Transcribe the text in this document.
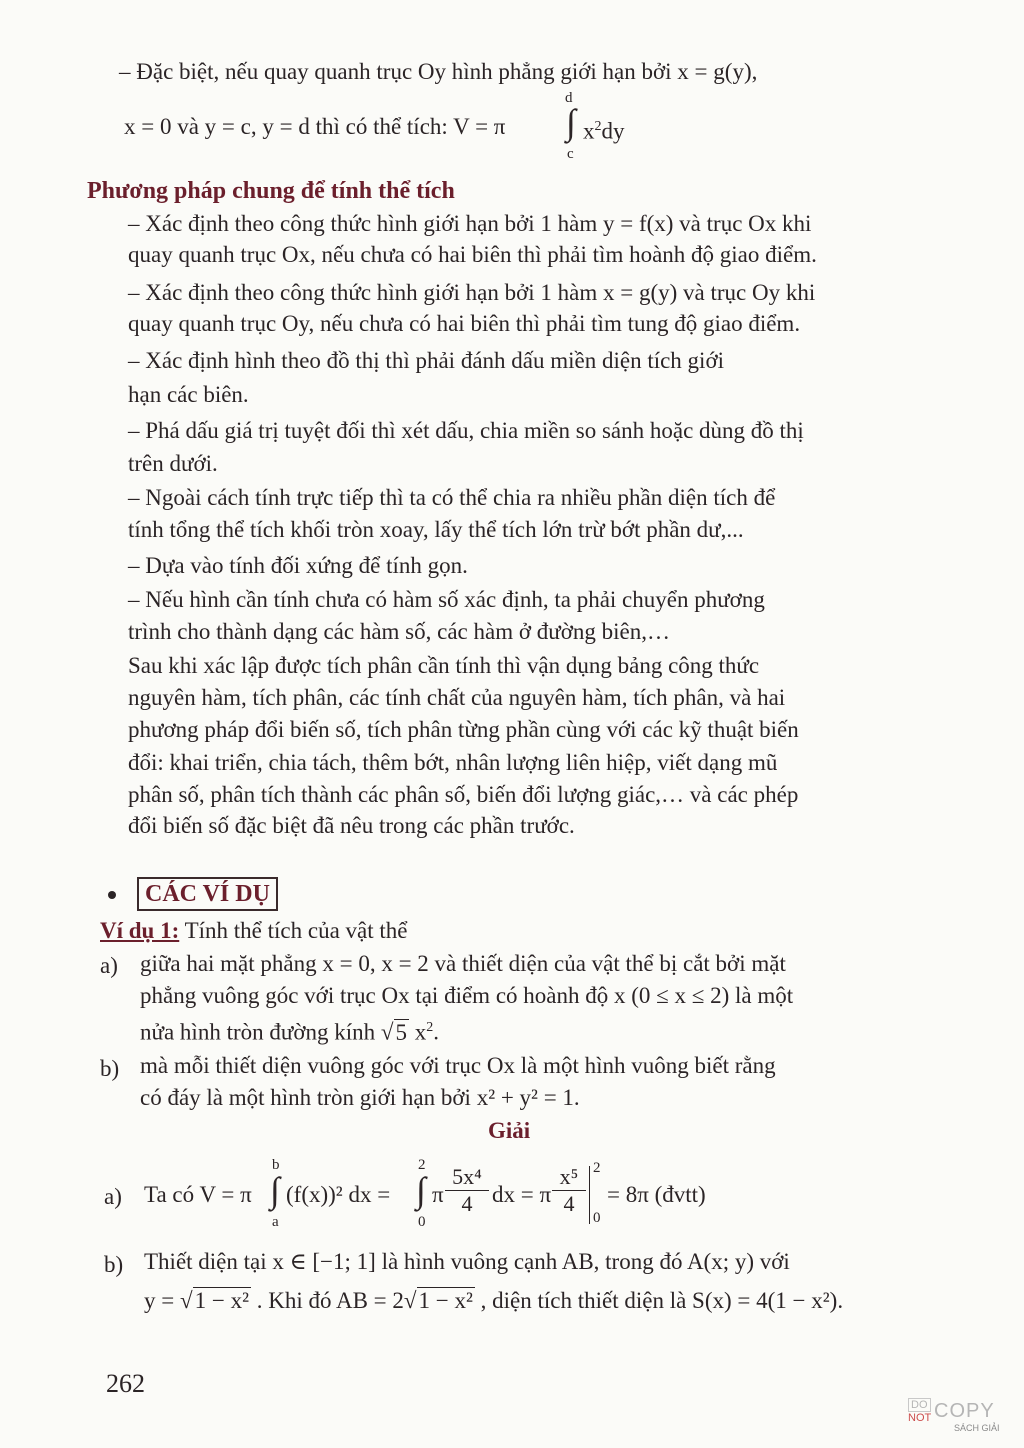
– Đặc biệt, nếu quay quanh trục Oy hình phẳng giới hạn bởi x = g(y),
x = 0 và y = c, y = d thì có thể tích: V = π
d
∫
c
$x^2dy$
Phương pháp chung để tính thể tích
– Xác định theo công thức hình giới hạn bởi 1 hàm y = f(x) và trục Ox khi
quay quanh trục Ox, nếu chưa có hai biên thì phải tìm hoành độ giao điểm.
– Xác định theo công thức hình giới hạn bởi 1 hàm x = g(y) và trục Oy khi
quay quanh trục Oy, nếu chưa có hai biên thì phải tìm tung độ giao điểm.
– Xác định hình theo đồ thị thì phải đánh dấu miền diện tích giới
hạn các biên.
– Phá dấu giá trị tuyệt đối thì xét dấu, chia miền so sánh hoặc dùng đồ thị
trên dưới.
– Ngoài cách tính trực tiếp thì ta có thể chia ra nhiều phần diện tích để
tính tổng thể tích khối tròn xoay, lấy thể tích lớn trừ bớt phần dư,...
– Dựa vào tính đối xứng để tính gọn.
– Nếu hình cần tính chưa có hàm số xác định, ta phải chuyển phương
trình cho thành dạng các hàm số, các hàm ở đường biên,…
Sau khi xác lập được tích phân cần tính thì vận dụng bảng công thức
nguyên hàm, tích phân, các tính chất của nguyên hàm, tích phân, và hai
phương pháp đổi biến số, tích phân từng phần cùng với các kỹ thuật biến
đổi: khai triển, chia tách, thêm bớt, nhân lượng liên hiệp, viết dạng mũ
phân số, phân tích thành các phân số, biến đổi lượng giác,… và các phép
đổi biến số đặc biệt đã nêu trong các phần trước.
CÁC VÍ DỤ
Ví dụ 1: Tính thể tích của vật thể
a) giữa hai mặt phẳng x = 0, x = 2 và thiết diện của vật thể bị cắt bởi mặt
phẳng vuông góc với trục Ox tại điểm có hoành độ x (0 ≤ x ≤ 2) là một
nửa hình tròn đường kính √5 $x^2$.
b) mà mỗi thiết diện vuông góc với trục Ox là một hình vuông biết rằng
có đáy là một hình tròn giới hạn bởi x² + y² = 1.
Giải
a) Ta có V = π
b
∫
a
(f(x))² dx =
2
∫
0
π $\frac{\text{5x⁴}}{4}$ dx = π $\frac{\text{x⁵}}{4} 2$
0
= 8π (đvtt)
b) Thiết diện tại x ∈ [−1; 1] là hình vuông cạnh AB, trong đó A(x; y) với
y = √1 − x² . Khi đó AB = 2√1 − x² , diện tích thiết diện là S(x) = 4(1 − x²).
262
DO
NOT COPY
SÁCH GIẢI
